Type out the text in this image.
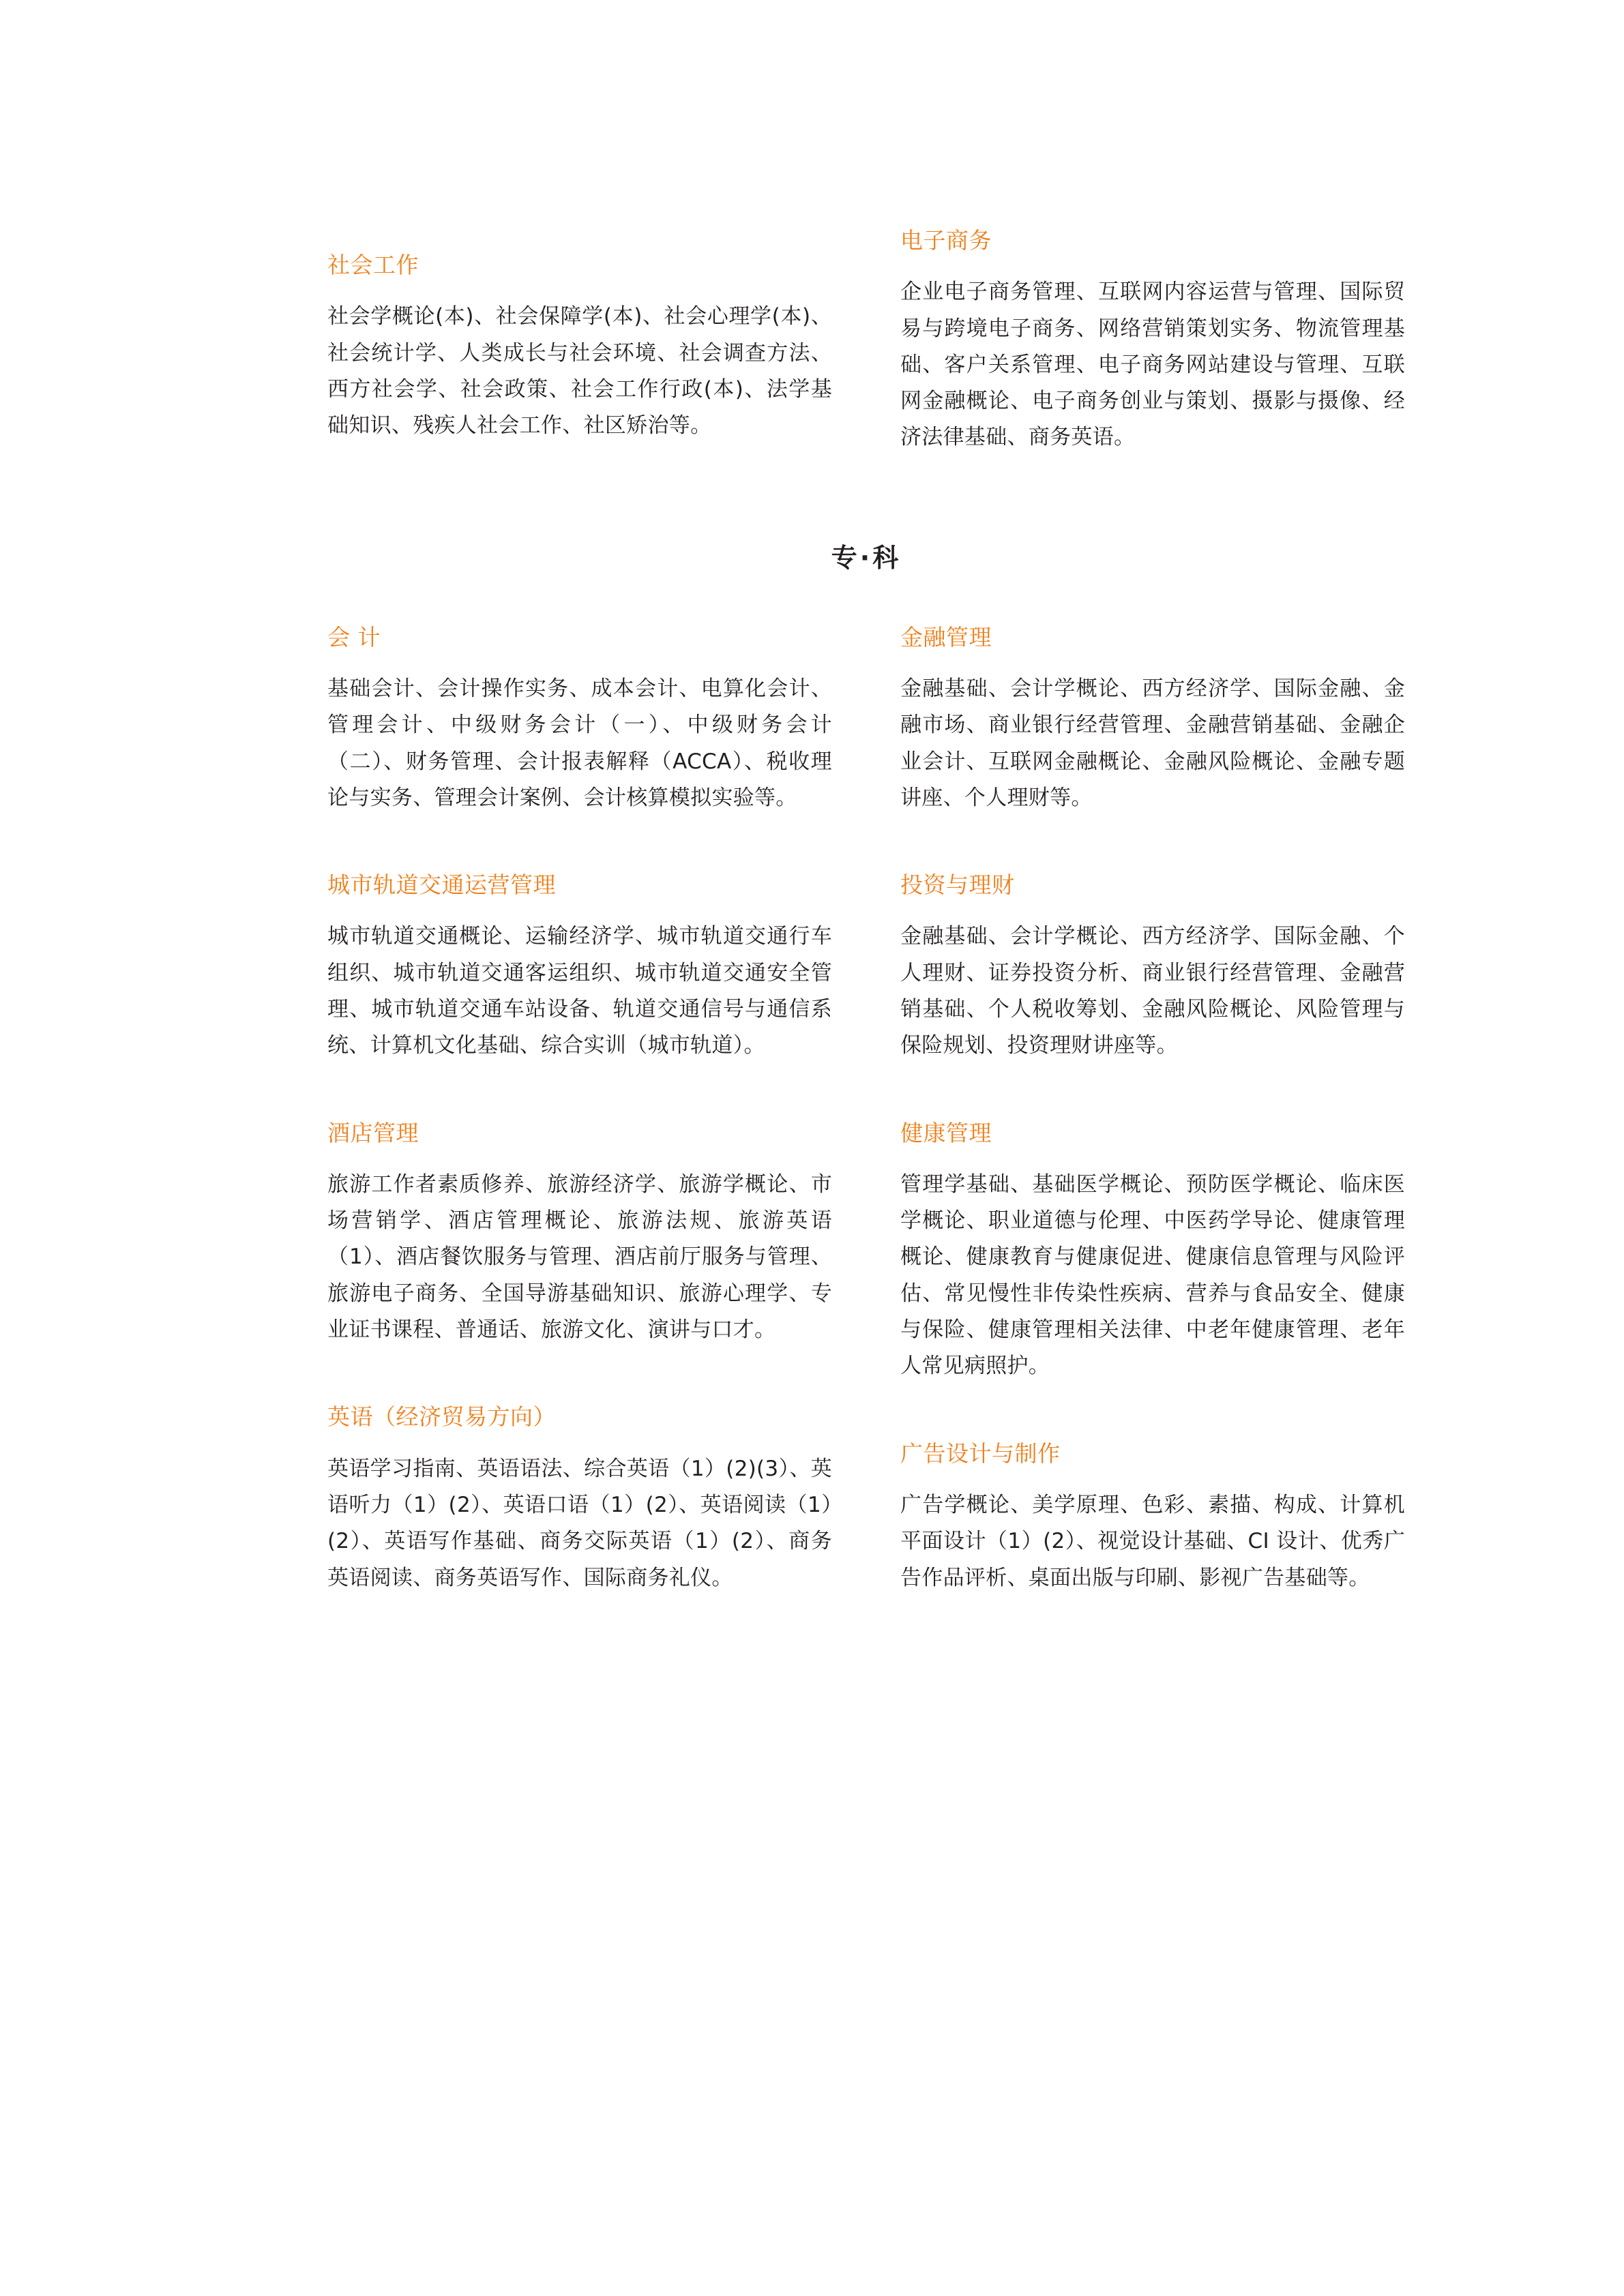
社会工作

社会学概论(本)、社会保障学(本)、社会心理学(本)、社会统计学、人类成长与社会环境、社会调查方法、西方社会学、社会政策、社会工作行政(本)、法学基础知识、残疾人社会工作、社区矫治等。

电子商务

企业电子商务管理、互联网内容运营与管理、国际贸易与跨境电子商务、网络营销策划实务、物流管理基础、客户关系管理、电子商务网站建设与管理、互联网金融概论、电子商务创业与策划、摄影与摄像、经济法律基础、商务英语。

专·科
会 计

基础会计、会计操作实务、成本会计、电算化会计、管理会计、中级财务会计（一）、中级财务会计（二）、财务管理、会计报表解释（ACCA）、税收理论与实务、管理会计案例、会计核算模拟实验等。

城市轨道交通运营管理

城市轨道交通概论、运输经济学、城市轨道交通行车组织、城市轨道交通客运组织、城市轨道交通安全管理、城市轨道交通车站设备、轨道交通信号与通信系统、计算机文化基础、综合实训（城市轨道）。

酒店管理

旅游工作者素质修养、旅游经济学、旅游学概论、市场营销学、酒店管理概论、旅游法规、旅游英语（1）、酒店餐饮服务与管理、酒店前厅服务与管理、旅游电子商务、全国导游基础知识、旅游心理学、专业证书课程、普通话、旅游文化、演讲与口才。

英语（经济贸易方向）

英语学习指南、英语语法、综合英语（1）(2)(3）、英语听力（1）(2）、英语口语（1）(2）、英语阅读（1）(2）、英语写作基础、商务交际英语（1）(2）、商务英语阅读、商务英语写作、国际商务礼仪。

金融管理

金融基础、会计学概论、西方经济学、国际金融、金融市场、商业银行经营管理、金融营销基础、金融企业会计、互联网金融概论、金融风险概论、金融专题讲座、个人理财等。

投资与理财

金融基础、会计学概论、西方经济学、国际金融、个人理财、证券投资分析、商业银行经营管理、金融营销基础、个人税收筹划、金融风险概论、风险管理与保险规划、投资理财讲座等。

健康管理

管理学基础、基础医学概论、预防医学概论、临床医学概论、职业道德与伦理、中医药学导论、健康管理概论、健康教育与健康促进、健康信息管理与风险评估、常见慢性非传染性疾病、营养与食品安全、健康与保险、健康管理相关法律、中老年健康管理、老年人常见病照护。

广告设计与制作

广告学概论、美学原理、色彩、素描、构成、计算机平面设计（1）(2）、视觉设计基础、CI 设计、优秀广告作品评析、桌面出版与印刷、影视广告基础等。
